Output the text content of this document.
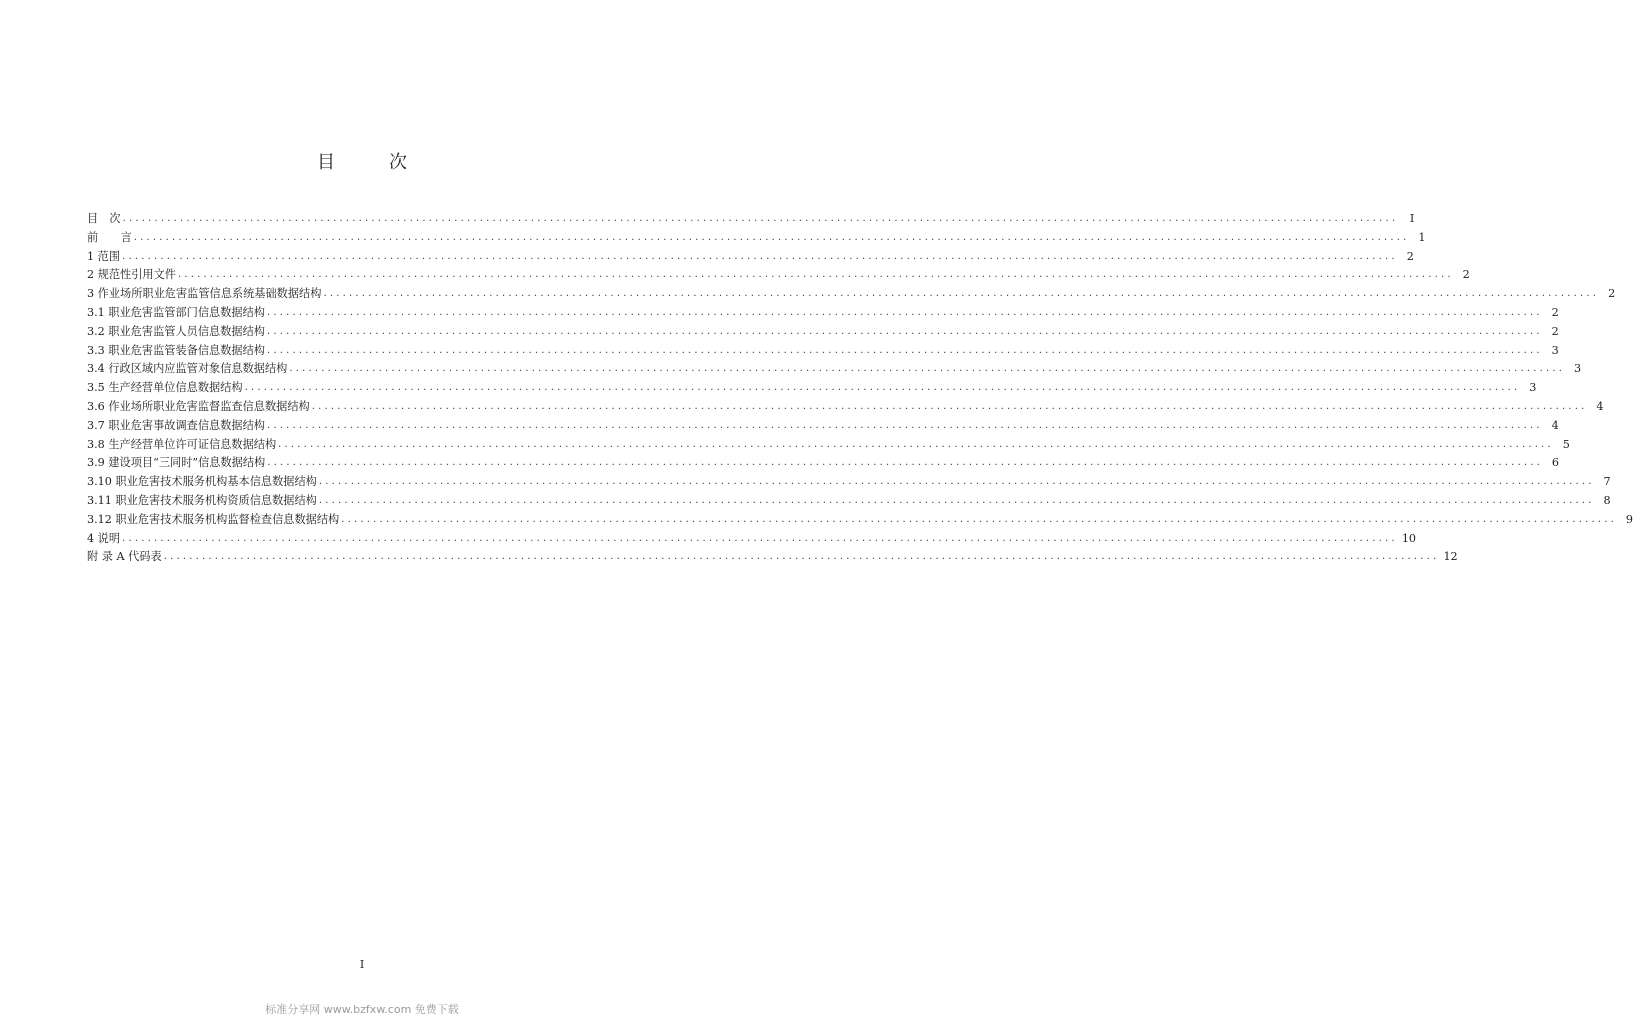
目　次
目　次 ........................................................................................................................................................................................................	I
前　　言 ........................................................................................................................................................................................................ 1
1 范围 ........................................................................................................................................................................................................ 2
2 规范性引用文件 ........................................................................................................................................................................................................ 2
3 作业场所职业危害监管信息系统基础数据结构 ........................................................................................................................................................................................................ 2
3.1 职业危害监管部门信息数据结构 ........................................................................................................................................................................................................ 2
3.2 职业危害监管人员信息数据结构 ........................................................................................................................................................................................................ 2
3.3 职业危害监管装备信息数据结构 ........................................................................................................................................................................................................ 3
3.4 行政区域内应监管对象信息数据结构 ........................................................................................................................................................................................................ 3
3.5 生产经营单位信息数据结构 ........................................................................................................................................................................................................ 3
3.6 作业场所职业危害监督监查信息数据结构 ........................................................................................................................................................................................................ 4
3.7 职业危害事故调查信息数据结构 ........................................................................................................................................................................................................ 4
3.8 生产经营单位许可证信息数据结构 ........................................................................................................................................................................................................ 5
3.9 建设项目“三同时”信息数据结构 ........................................................................................................................................................................................................ 6
3.10 职业危害技术服务机构基本信息数据结构 ........................................................................................................................................................................................................ 7
3.11 职业危害技术服务机构资质信息数据结构 ........................................................................................................................................................................................................ 8
3.12 职业危害技术服务机构监督检查信息数据结构 ........................................................................................................................................................................................................ 9
4 说明 ........................................................................................................................................................................................................ 10
附 录 A 代码表 ........................................................................................................................................................................................................ 12
I
标准分享网 www.bzfxw.com 免费下载
